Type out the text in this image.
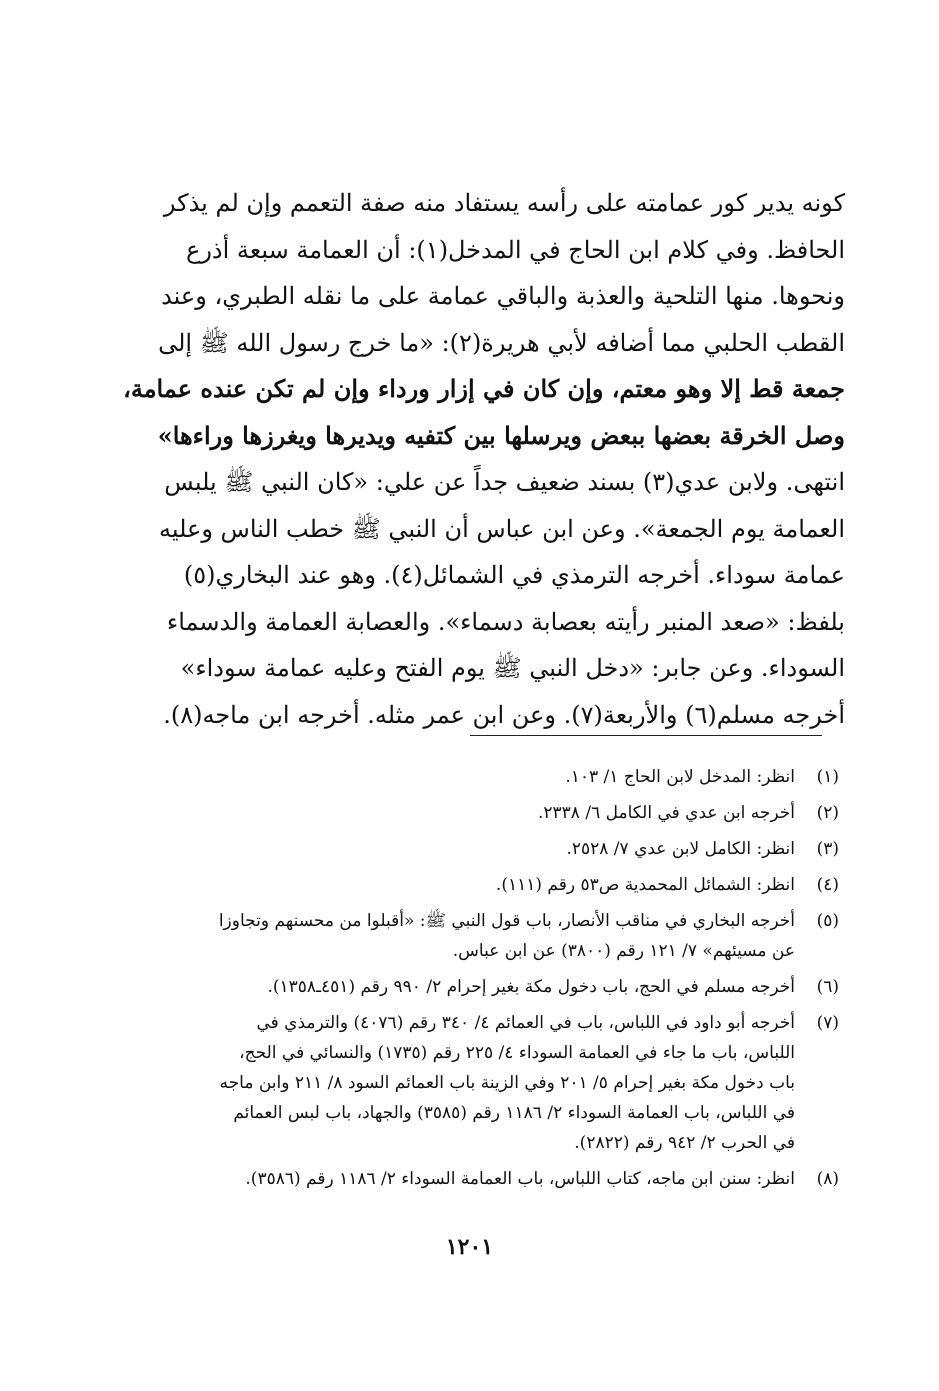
كونه يدير كور عمامته على رأسه يستفاد منه صفة التعمم وإن لم يذكر
الحافظ. وفي كلام ابن الحاج في المدخل(١): أن العمامة سبعة أذرع
ونحوها. منها التلحية والعذبة والباقي عمامة على ما نقله الطبري، وعند
القطب الحلبي مما أضافه لأبي هريرة(٢): «ما خرج رسول الله ﷺ إلى
جمعة قط إلا وهو معتم، وإن كان في إزار ورداء وإن لم تكن عنده عمامة،
وصل الخرقة بعضها ببعض ويرسلها بين كتفيه ويديرها ويغرزها وراءها»
انتهى. ولابن عدي(٣) بسند ضعيف جداً عن علي: «كان النبي ﷺ يلبس
العمامة يوم الجمعة». وعن ابن عباس أن النبي ﷺ خطب الناس وعليه
عمامة سوداء. أخرجه الترمذي في الشمائل(٤). وهو عند البخاري(٥)
بلفظ: «صعد المنبر رأيته بعصابة دسماء». والعصابة العمامة والدسماء
السوداء. وعن جابر: «دخل النبي ﷺ يوم الفتح وعليه عمامة سوداء»
أخرجه مسلم(٦) والأربعة(٧). وعن ابن عمر مثله. أخرجه ابن ماجه(٨).
(١)
انظر: المدخل لابن الحاج ١/ ١٠٣.
(٢)
أخرجه ابن عدي في الكامل ٦/ ٢٣٣٨.
(٣)
انظر: الكامل لابن عدي ٧/ ٢٥٢٨.
(٤)
انظر: الشمائل المحمدية ص٥٣ رقم (١١١).
(٥)
أخرجه البخاري في مناقب الأنصار، باب قول النبي ﷺ: «أقبلوا من محسنهم وتجاوزا
عن مسيئهم» ٧/ ١٢١ رقم (٣٨٠٠) عن ابن عباس.
(٦)
أخرجه مسلم في الحج، باب دخول مكة بغير إحرام ٢/ ٩٩٠ رقم (٤٥١ـ١٣٥٨).
(٧)
أخرجه أبو داود في اللباس، باب في العمائم ٤/ ٣٤٠ رقم (٤٠٧٦) والترمذي في
اللباس، باب ما جاء في العمامة السوداء ٤/ ٢٢٥ رقم (١٧٣٥) والنسائي في الحج،
باب دخول مكة بغير إحرام ٥/ ٢٠١ وفي الزينة باب العمائم السود ٨/ ٢١١ وابن ماجه
في اللباس، باب العمامة السوداء ٢/ ١١٨٦ رقم (٣٥٨٥) والجهاد، باب لبس العمائم
في الحرب ٢/ ٩٤٢ رقم (٢٨٢٢).
(٨)
انظر: سنن ابن ماجه، كتاب اللباس، باب العمامة السوداء ٢/ ١١٨٦ رقم (٣٥٨٦).
١٢٠١
